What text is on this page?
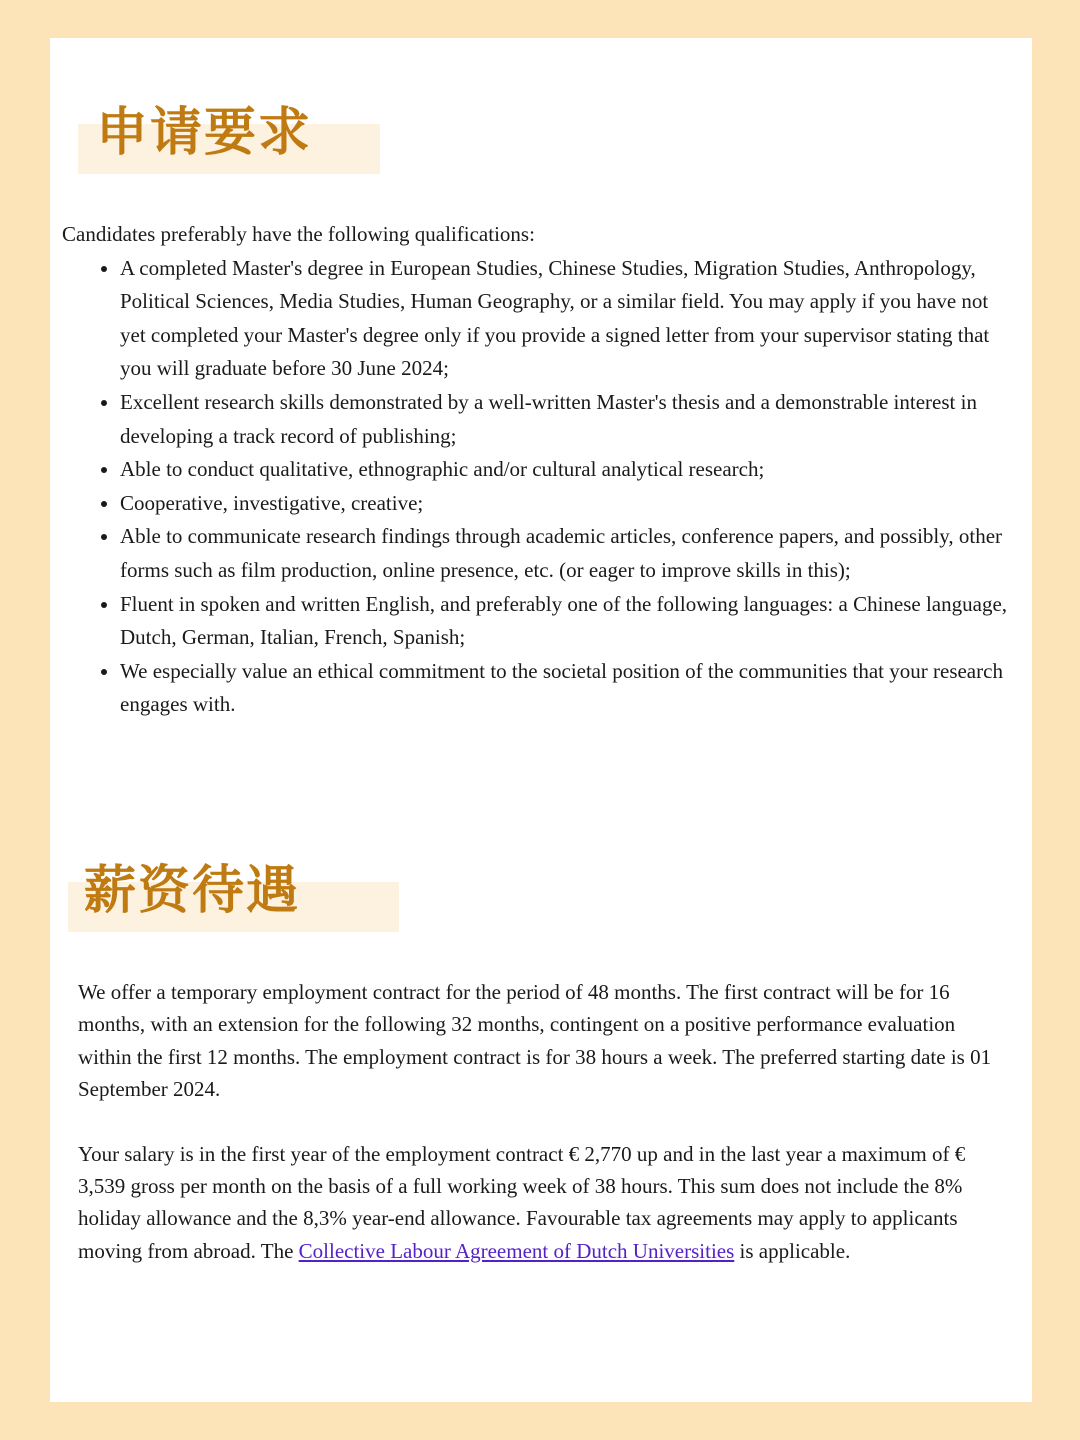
申请要求

Candidates preferably have the following qualifications:

• A completed Master's degree in European Studies, Chinese Studies, Migration Studies, Anthropology, Political Sciences, Media Studies, Human Geography, or a similar field. You may apply if you have not yet completed your Master's degree only if you provide a signed letter from your supervisor stating that you will graduate before 30 June 2024;
• Excellent research skills demonstrated by a well-written Master's thesis and a demonstrable interest in developing a track record of publishing;
• Able to conduct qualitative, ethnographic and/or cultural analytical research;
• Cooperative, investigative, creative;
• Able to communicate research findings through academic articles, conference papers, and possibly, other forms such as film production, online presence, etc. (or eager to improve skills in this);
• Fluent in spoken and written English, and preferably one of the following languages: a Chinese language, Dutch, German, Italian, French, Spanish;
• We especially value an ethical commitment to the societal position of the communities that your research engages with.
薪资待遇

We offer a temporary employment contract for the period of 48 months. The first contract will be for 16 months, with an extension for the following 32 months, contingent on a positive performance evaluation within the first 12 months. The employment contract is for 38 hours a week. The preferred starting date is 01 September 2024.

Your salary is in the first year of the employment contract € 2,770 up and in the last year a maximum of € 3,539 gross per month on the basis of a full working week of 38 hours. This sum does not include the 8% holiday allowance and the 8,3% year-end allowance. Favourable tax agreements may apply to applicants moving from abroad. The Collective Labour Agreement of Dutch Universities is applicable.
